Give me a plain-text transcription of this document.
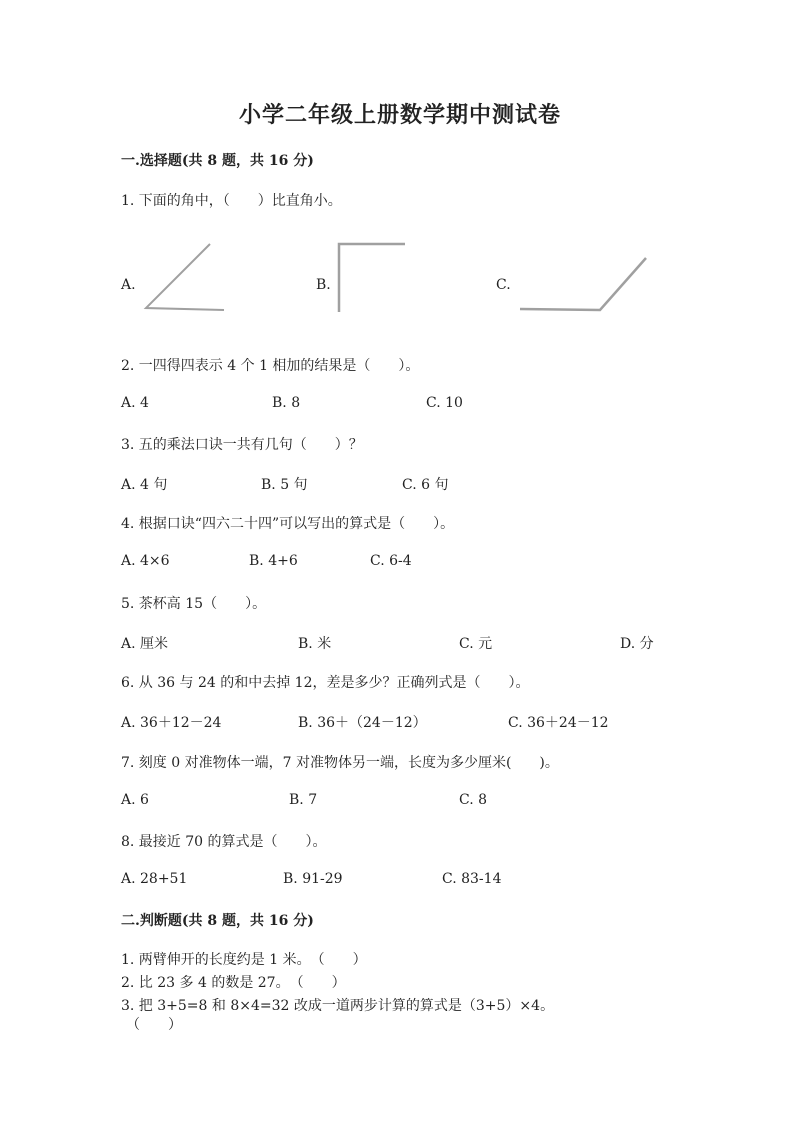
小学二年级上册数学期中测试卷
一.选择题(共 8 题，共 16 分)
1. 下面的角中，（　　）比直角小。
A.	B.	C.
2. 一四得四表示 4 个 1 相加的结果是（　　）。
A. 4	B. 8	C. 10
3. 五的乘法口诀一共有几句（　　）？
A. 4 句	B. 5 句	C. 6 句
4. 根据口诀“四六二十四”可以写出的算式是（　　）。
A. 4×6	B. 4+6	C. 6-4
5. 茶杯高 15（　　）。
A. 厘米	B. 米	C. 元	D. 分
6. 从 36 与 24 的和中去掉 12，差是多少？正确列式是（　　）。
A. 36＋12－24	B. 36＋（24－12）	C. 36＋24－12
7. 刻度 0 对准物体一端，7 对准物体另一端，长度为多少厘米(　　)。
A. 6	B. 7	C. 8
8. 最接近 70 的算式是（　　）。
A. 28+51	B. 91-29	C. 83-14
二.判断题(共 8 题，共 16 分)
1. 两臂伸开的长度约是 1 米。　（　　）
2. 比 23 多 4 的数是 27。　（　　）
3. 把 3+5=8 和 8×4=32 改成一道两步计算的算式是（3+5）×4。
（　　）
